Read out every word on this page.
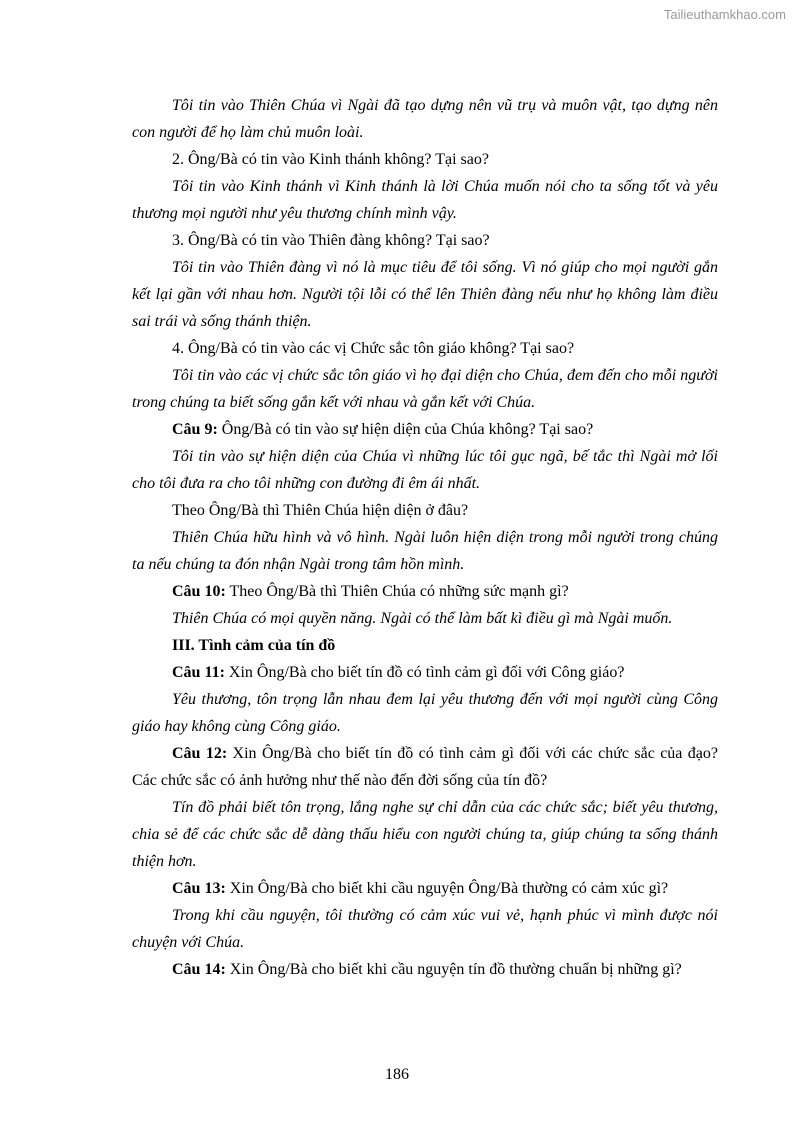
Tailieuthamkhao.com

Tôi tin vào Thiên Chúa vì Ngài đã tạo dựng nên vũ trụ và muôn vật, tạo dựng nên con người để họ làm chủ muôn loài.

2. Ông/Bà có tin vào Kinh thánh không? Tại sao?

Tôi tin vào Kinh thánh vì Kinh thánh là lời Chúa muốn nói cho ta sống tốt và yêu thương mọi người như yêu thương chính mình vậy.

3. Ông/Bà có tin vào Thiên đàng không? Tại sao?

Tôi tin vào Thiên đàng vì nó là mục tiêu để tôi sống. Vì nó giúp cho mọi người gắn kết lại gần với nhau hơn. Người tội lỗi có thể lên Thiên đàng nếu như họ không làm điều sai trái và sống thánh thiện.

4. Ông/Bà có tin vào các vị Chức sắc tôn giáo không? Tại sao?

Tôi tin vào các vị chức sắc tôn giáo vì họ đại diện cho Chúa, đem đến cho mỗi người trong chúng ta biết sống gắn kết với nhau và gắn kết với Chúa.

Câu 9: Ông/Bà có tin vào sự hiện diện của Chúa không? Tại sao?

Tôi tin vào sự hiện diện của Chúa vì những lúc tôi gục ngã, bế tắc thì Ngài mở lối cho tôi đưa ra cho tôi những con đường đi êm ái nhất.

Theo Ông/Bà thì Thiên Chúa hiện diện ở đâu?

Thiên Chúa hữu hình và vô hình. Ngài luôn hiện diện trong mỗi người trong chúng ta nếu chúng ta đón nhận Ngài trong tâm hồn mình.

Câu 10: Theo Ông/Bà thì Thiên Chúa có những sức mạnh gì?

Thiên Chúa có mọi quyền năng. Ngài có thể làm bất kì điều gì mà Ngài muốn.

III. Tình cảm của tín đồ

Câu 11: Xin Ông/Bà cho biết tín đồ có tình cảm gì đối với Công giáo?

Yêu thương, tôn trọng lẫn nhau đem lại yêu thương đến với mọi người cùng Công giáo hay không cùng Công giáo.

Câu 12: Xin Ông/Bà cho biết tín đồ có tình cảm gì đối với các chức sắc của đạo? Các chức sắc có ảnh hưởng như thế nào đến đời sống của tín đồ?

Tín đồ phải biết tôn trọng, lắng nghe sự chỉ dẫn của các chức sắc; biết yêu thương, chia sẻ để các chức sắc dễ dàng thấu hiểu con người chúng ta, giúp chúng ta sống thánh thiện hơn.

Câu 13: Xin Ông/Bà cho biết khi cầu nguyện Ông/Bà thường có cảm xúc gì?

Trong khi cầu nguyện, tôi thường có cảm xúc vui vẻ, hạnh phúc vì mình được nói chuyện với Chúa.

Câu 14: Xin Ông/Bà cho biết khi cầu nguyện tín đồ thường chuẩn bị những gì?

186
